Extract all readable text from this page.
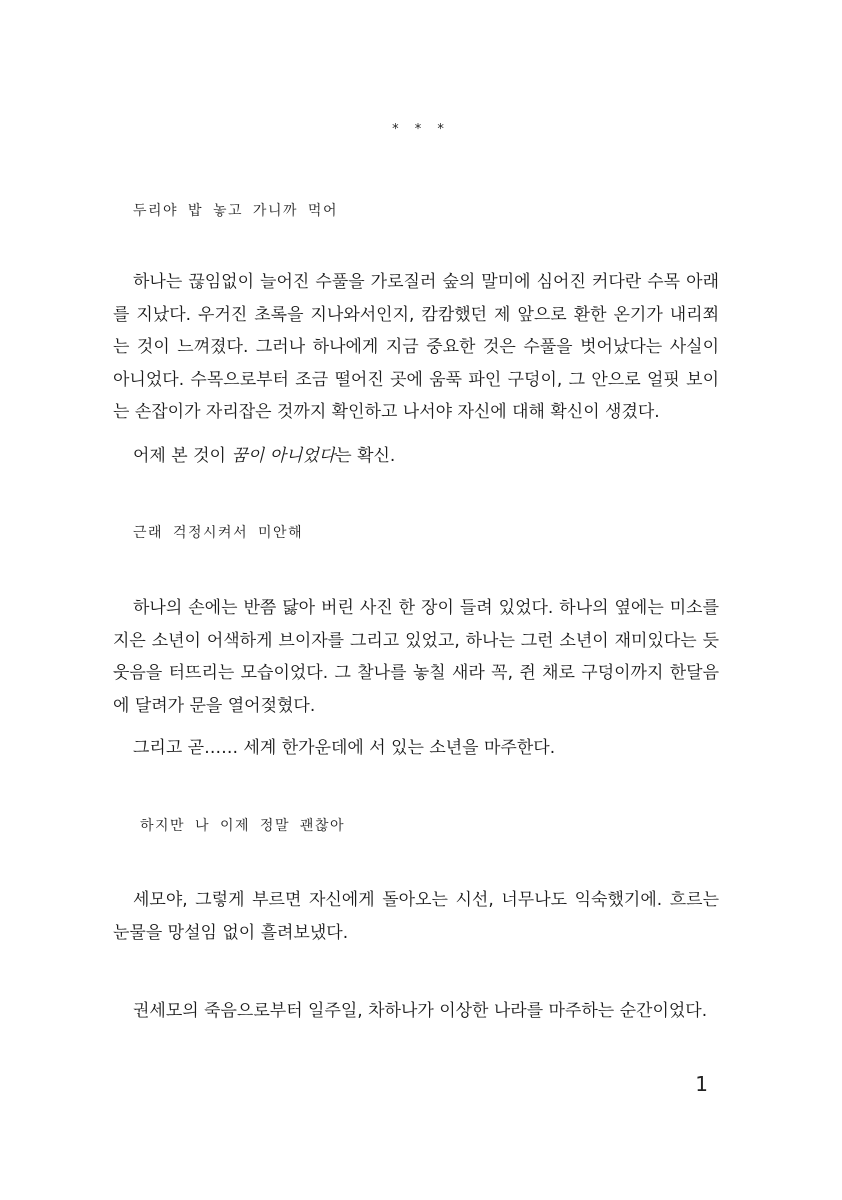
* * *
두리야 밥 놓고 가니까 먹어

하나는 끊임없이 늘어진 수풀을 가로질러 숲의 말미에 심어진 커다란 수목 아래를 지났다. 우거진 초록을 지나와서인지, 캄캄했던 제 앞으로 환한 온기가 내리쬐는 것이 느껴졌다. 그러나 하나에게 지금 중요한 것은 수풀을 벗어났다는 사실이 아니었다. 수목으로부터 조금 떨어진 곳에 움푹 파인 구덩이, 그 안으로 얼핏 보이는 손잡이가 자리잡은 것까지 확인하고 나서야 자신에 대해 확신이 생겼다.

어제 본 것이 꿈이 아니었다는 확신.

근래 걱정시켜서 미안해

하나의 손에는 반쯤 닳아 버린 사진 한 장이 들려 있었다. 하나의 옆에는 미소를 지은 소년이 어색하게 브이자를 그리고 있었고, 하나는 그런 소년이 재미있다는 듯 웃음을 터뜨리는 모습이었다. 그 찰나를 놓칠 새라 꼭, 쥔 채로 구덩이까지 한달음에 달려가 문을 열어젖혔다.

그리고 곧…… 세계 한가운데에 서 있는 소년을 마주한다.

하지만 나 이제 정말 괜찮아

세모야, 그렇게 부르면 자신에게 돌아오는 시선, 너무나도 익숙했기에. 흐르는 눈물을 망설임 없이 흘려보냈다.

권세모의 죽음으로부터 일주일, 차하나가 이상한 나라를 마주하는 순간이었다.

1
